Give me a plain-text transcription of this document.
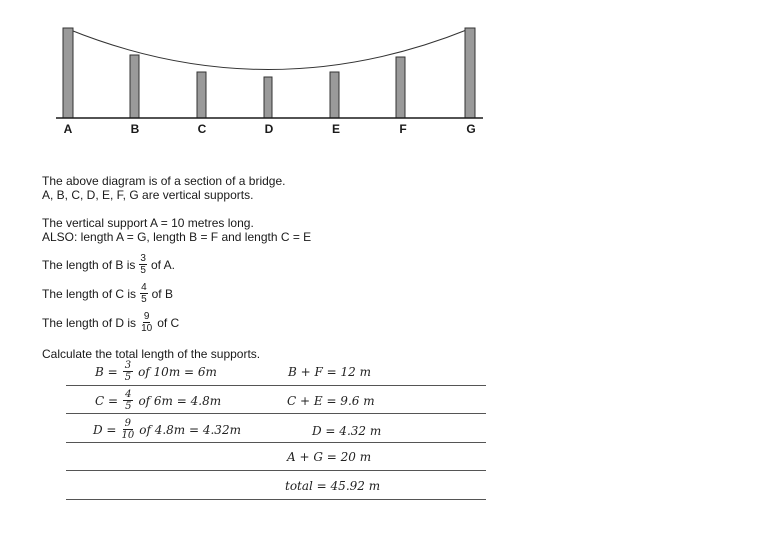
A	B	C	D	E	F	G
The above diagram is of a section of a bridge.
A, B, C, D, E, F, G are vertical supports.
The vertical support A = 10 metres long.
ALSO: length A = G, length B = F and length C = E
The length of B is $\frac{3}{5}$ of A.
The length of C is $\frac{4}{5}$ of B
The length of D is $\frac{9}{10}$ of C
Calculate the total length of the supports.
$B = \frac{3}{5}$ of 10m = 6m	B + F = 12 m
$C = \frac{4}{5}$ of 6m = 4.8m	C + E = 9.6 m
$D = \frac{9}{10}$ of 4.8m = 4.32m	D = 4.32 m
A + G = 20 m
total = 45.92 m
